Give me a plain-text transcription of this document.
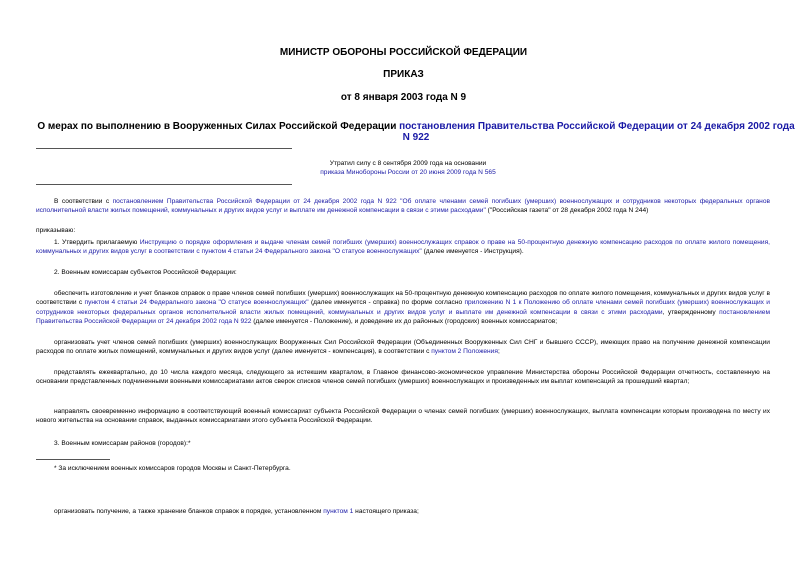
МИНИСТР ОБОРОНЫ РОССИЙСКОЙ ФЕДЕРАЦИИ
ПРИКАЗ
от 8 января 2003 года N 9
О мерах по выполнению в Вооруженных Силах Российской Федерации постановления Правительства Российской Федерации от 24 декабря 2002 года N 922
Утратил силу с 8 сентября 2009 года на основании
приказа Минобороны России от 20 июня 2009 года N 565
В соответствии с постановлением Правительства Российской Федерации от 24 декабря 2002 года N 922 "Об оплате членами семей погибших (умерших) военнослужащих и сотрудников некоторых федеральных органов исполнительной власти жилых помещений, коммунальных и других видов услуг и выплате им денежной компенсации в связи с этими расходами" ("Российская газета" от 28 декабря 2002 года N 244)
приказываю:
1. Утвердить прилагаемую Инструкцию о порядке оформления и выдаче членам семей погибших (умерших) военнослужащих справок о праве на 50-процентную денежную компенсацию расходов по оплате жилого помещения, коммунальных и других видов услуг в соответствии с пунктом 4 статьи 24 Федерального закона "О статусе военнослужащих" (далее именуется - Инструкция).
2. Военным комиссарам субъектов Российской Федерации:
обеспечить изготовление и учет бланков справок о праве членов семей погибших (умерших) военнослужащих на 50-процентную денежную компенсацию расходов по оплате жилого помещения, коммунальных и других видов услуг в соответствии с пунктом 4 статьи 24 Федерального закона "О статусе военнослужащих" (далее именуется - справка) по форме согласно приложению N 1 к Положению об оплате членами семей погибших (умерших) военнослужащих и сотрудников некоторых федеральных органов исполнительной власти жилых помещений, коммунальных и других видов услуг и выплате им денежной компенсации в связи с этими расходами, утвержденному постановлением Правительства Российской Федерации от 24 декабря 2002 года N 922 (далее именуется - Положение), и доведение их до районных (городских) военных комиссариатов;
организовать учет членов семей погибших (умерших) военнослужащих Вооруженных Сил Российской Федерации (Объединенных Вооруженных Сил СНГ и бывшего СССР), имеющих право на получение денежной компенсации расходов по оплате жилых помещений, коммунальных и других видов услуг (далее именуется - компенсация), в соответствии с пунктом 2 Положения;
представлять ежеквартально, до 10 числа каждого месяца, следующего за истекшим кварталом, в Главное финансово-экономическое управление Министерства обороны Российской Федерации отчетность, составленную на основании представленных подчиненными военными комиссариатами актов сверок списков членов семей погибших (умерших) военнослужащих и произведенных им выплат компенсаций за прошедший квартал;
направлять своевременно информацию в соответствующий военный комиссариат субъекта Российской Федерации о членах семей погибших (умерших) военнослужащих, выплата компенсации которым производена по месту их нового жительства на основании справок, выданных комиссариатами этого субъекта Российской Федерации.
3. Военным комиссарам районов (городов):*
* За исключением военных комиссаров городов Москвы и Санкт-Петербурга.
организовать получение, а также хранение бланков справок в порядке, установленном пунктом 1 настоящего приказа;
